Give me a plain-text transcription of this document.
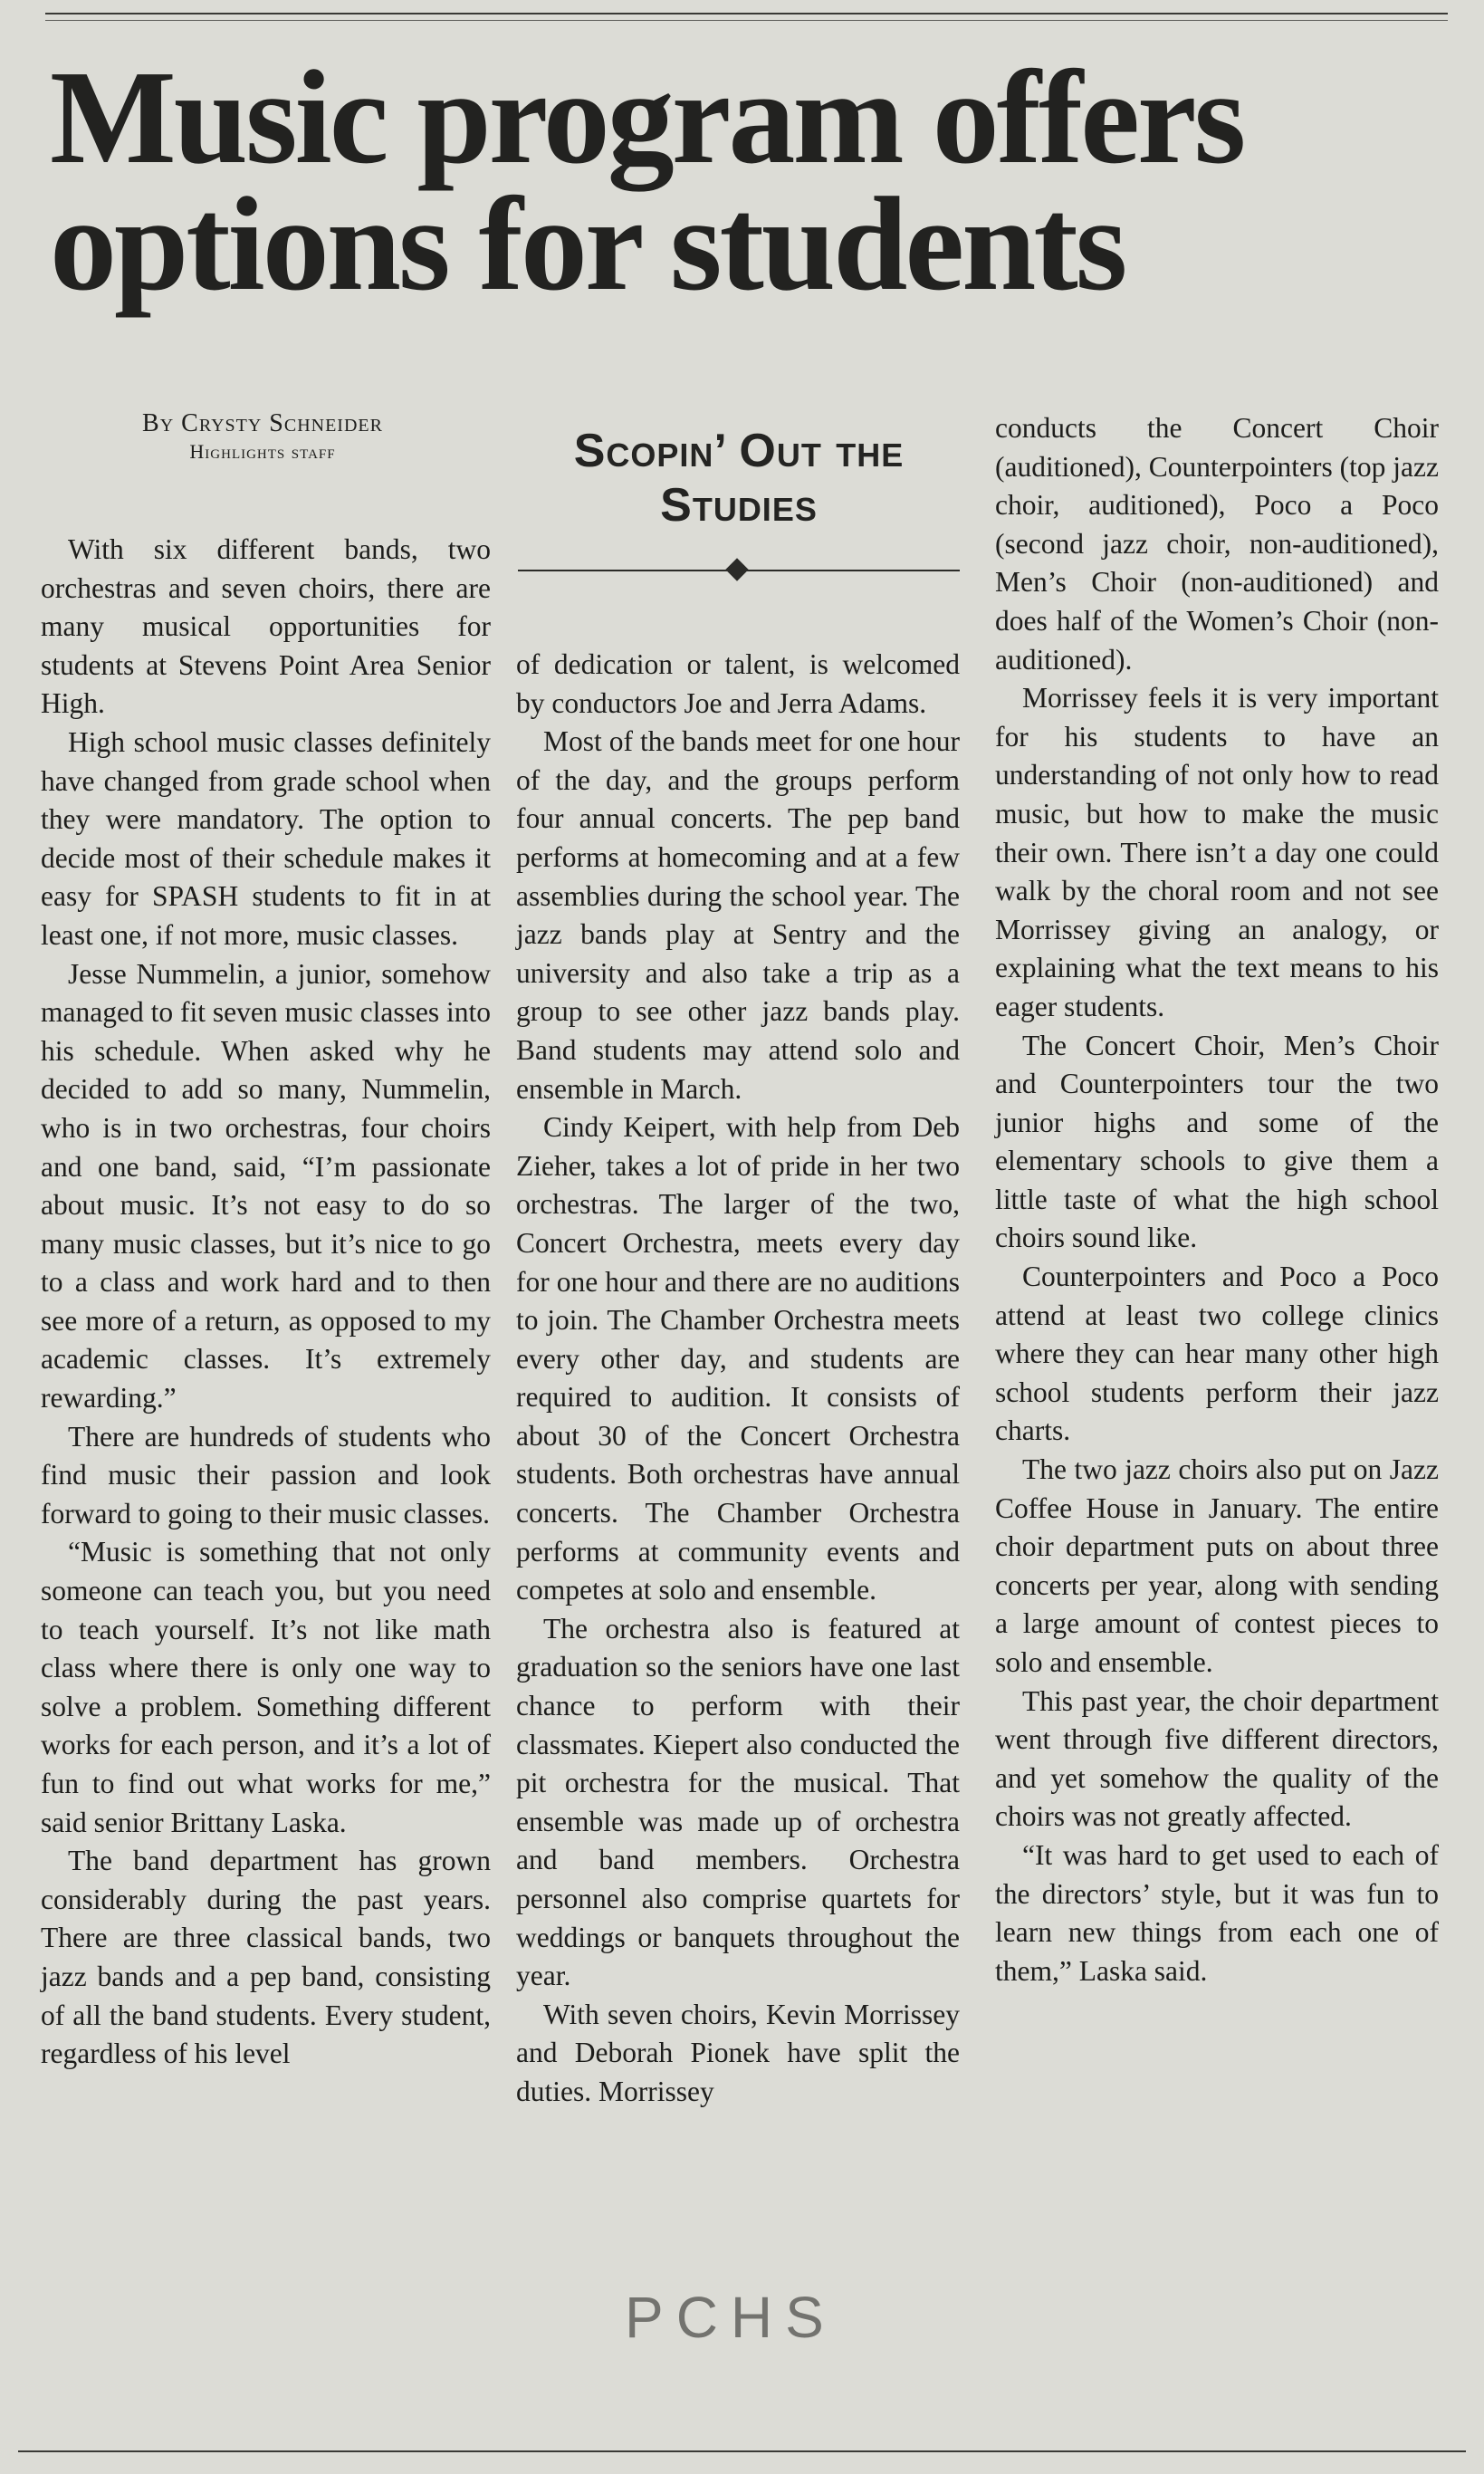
Music program offers options for students
By Crysty Schneider
Highlights staff	Scopin’ Out the Studies

With six different bands, two orchestras and seven choirs, there are many musical opportunities for students at Stevens Point Area Senior High.

High school music classes definitely have changed from grade school when they were mandatory. The option to decide most of their schedule makes it easy for SPASH students to fit in at least one, if not more, music classes.

Jesse Nummelin, a junior, somehow managed to fit seven music classes into his schedule. When asked why he decided to add so many, Nummelin, who is in two orchestras, four choirs and one band, said, “I’m passionate about music. It’s not easy to do so many music classes, but it’s nice to go to a class and work hard and to then see more of a return, as opposed to my academic classes. It’s extremely rewarding.”

There are hundreds of students who find music their passion and look forward to going to their music classes.

“Music is something that not only someone can teach you, but you need to teach yourself. It’s not like math class where there is only one way to solve a problem. Something different works for each person, and it’s a lot of fun to find out what works for me,” said senior Brittany Laska.

The band department has grown considerably during the past years. There are three classical bands, two jazz bands and a pep band, consisting of all the band students. Every student, regardless of his level

of dedication or talent, is welcomed by conductors Joe and Jerra Adams.

Most of the bands meet for one hour of the day, and the groups perform four annual concerts. The pep band performs at homecoming and at a few assemblies during the school year. The jazz bands play at Sentry and the university and also take a trip as a group to see other jazz bands play. Band students may attend solo and ensemble in March.

Cindy Keipert, with help from Deb Zieher, takes a lot of pride in her two orchestras. The larger of the two, Concert Orchestra, meets every day for one hour and there are no auditions to join. The Chamber Orchestra meets every other day, and students are required to audition. It consists of about 30 of the Concert Orchestra students. Both orchestras have annual concerts. The Chamber Orchestra performs at community events and competes at solo and ensemble.

The orchestra also is featured at graduation so the seniors have one last chance to perform with their classmates. Kiepert also conducted the pit orchestra for the musical. That ensemble was made up of orchestra and band members. Orchestra personnel also comprise quartets for weddings or banquets throughout the year.

With seven choirs, Kevin Morrissey and Deborah Pionek have split the duties. Morrissey

conducts the Concert Choir (auditioned), Counterpointers (top jazz choir, auditioned), Poco a Poco (second jazz choir, non-auditioned), Men’s Choir (non-auditioned) and does half of the Women’s Choir (non-auditioned).

Morrissey feels it is very important for his students to have an understanding of not only how to read music, but how to make the music their own. There isn’t a day one could walk by the choral room and not see Morrissey giving an analogy, or explaining what the text means to his eager students.

The Concert Choir, Men’s Choir and Counterpointers tour the two junior highs and some of the elementary schools to give them a little taste of what the high school choirs sound like.

Counterpointers and Poco a Poco attend at least two college clinics where they can hear many other high school students perform their jazz charts.

The two jazz choirs also put on Jazz Coffee House in January. The entire choir department puts on about three concerts per year, along with sending a large amount of contest pieces to solo and ensemble.

This past year, the choir department went through five different directors, and yet somehow the quality of the choirs was not greatly affected.

“It was hard to get used to each of the directors’ style, but it was fun to learn new things from each one of them,” Laska said.

PCHS
